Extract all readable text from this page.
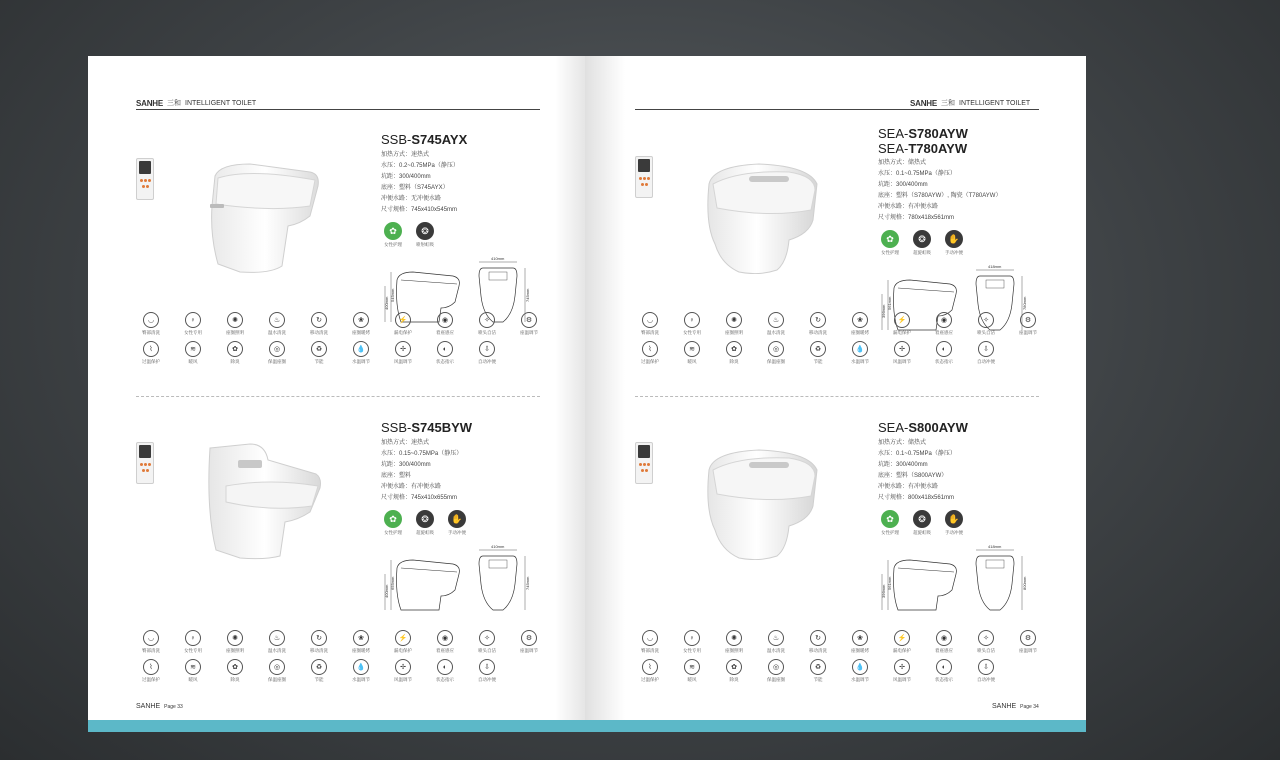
SANHE 三和 INTELLIGENT TOILET
SSB-S745AYX
加热方式：速热式
水压：0.2~0.75MPa（静压）
坑距：300/400mm
底座：塑料（S745AYX）
冲便水路：无冲便水路
尺寸规格：745x410x545mm
✿
女性护理
❂
喷射虹吸
410mm
545mm
400mm
745mm
◡
臀部清洗
♀
女性专用
✺
座圈照明
♨
温水清洗
↻
移动清洗
❀
座圈暖烤
⚡
漏电保护
◉
着座感应
✧
喷头自洁
⚙
座温调节
⌇
过温保护
≋
暖风
✿
除臭
◎
保温座圈
♻
节能
💧
水温调节
✢
风温调节
◐
状态指示
⇩
自动冲便
SSB-S745BYW
加热方式：速热式
水压：0.15~0.75MPa（静压）
坑距：300/400mm
底座：塑料
冲便水路：有冲便水路
尺寸规格：745x410x655mm
✿
女性护理
❂
超旋虹吸
✋
手动冲便
410mm
655mm
400mm
745mm
◡
臀部清洗
♀
女性专用
✺
座圈照明
♨
温水清洗
↻
移动清洗
❀
座圈暖烤
⚡
漏电保护
◉
着座感应
✧
喷头自洁
⚙
座温调节
⌇
过温保护
≋
暖风
✿
除臭
◎
保温座圈
♻
节能
💧
水温调节
✢
风温调节
◐
状态指示
⇩
自动冲便
SANHE Page 33
SANHE 三和 INTELLIGENT TOILET
SEA-S780AYW
SEA-T780AYW
加热方式：储热式
水压：0.1~0.75MPa（静压）
坑距：300/400mm
底座：塑料（S780AYW）, 陶瓷（T780AYW）
冲便水路：有冲便水路
尺寸规格：780x418x561mm
✿
女性护理
❂
超旋虹吸
✋
手动冲便
418mm
561mm
396mm
780mm
◡
臀部清洗
♀
女性专用
✺
座圈照明
♨
温水清洗
↻
移动清洗
❀
座圈暖烤
⚡
漏电保护
◉
着座感应
✧
喷头自洁
⚙
座温调节
⌇
过温保护
≋
暖风
✿
除臭
◎
保温座圈
♻
节能
💧
水温调节
✢
风温调节
◐
状态指示
⇩
自动冲便
SEA-S800AYW
加热方式：储热式
水压：0.1~0.75MPa（静压）
坑距：300/400mm
底座：塑料（S800AYW）
冲便水路：有冲便水路
尺寸规格：800x418x561mm
✿
女性护理
❂
超旋虹吸
✋
手动冲便
418mm
561mm
396mm
800mm
◡
臀部清洗
♀
女性专用
✺
座圈照明
♨
温水清洗
↻
移动清洗
❀
座圈暖烤
⚡
漏电保护
◉
着座感应
✧
喷头自洁
⚙
座温调节
⌇
过温保护
≋
暖风
✿
除臭
◎
保温座圈
♻
节能
💧
水温调节
✢
风温调节
◐
状态指示
⇩
自动冲便
SANHE Page 34
